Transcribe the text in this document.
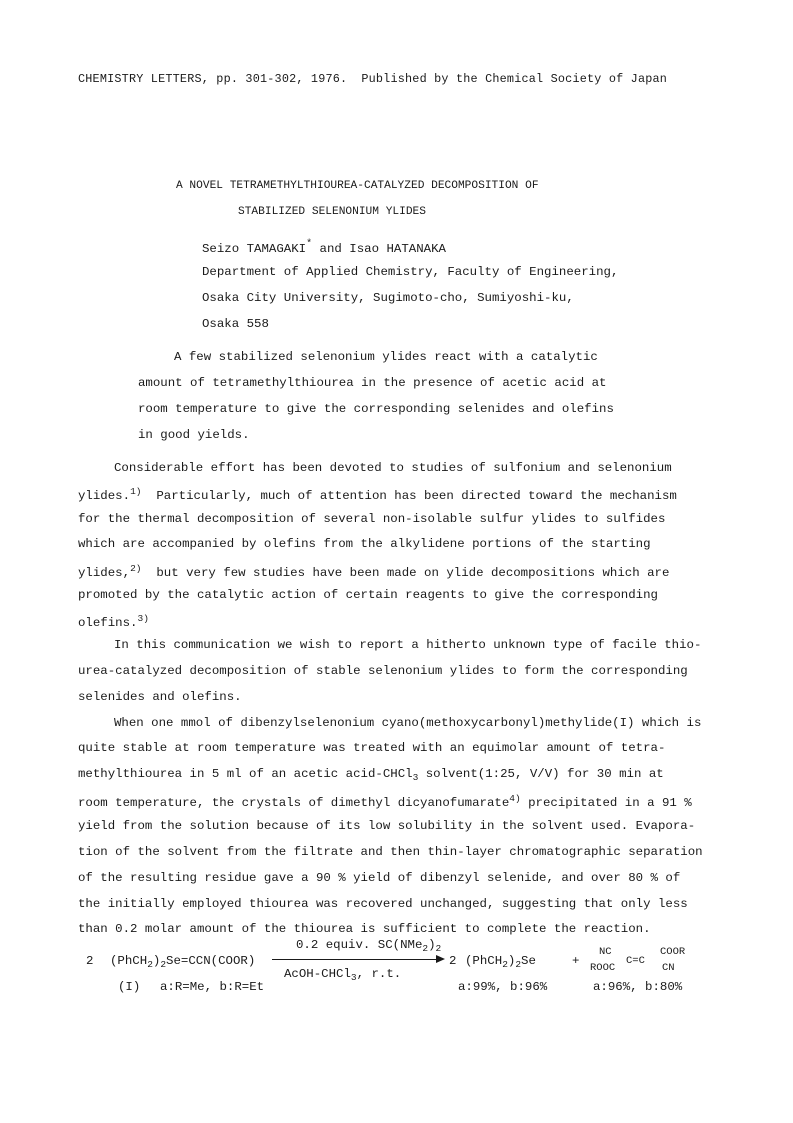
CHEMISTRY LETTERS, pp. 301-302, 1976. Published by the Chemical Society of Japan
A NOVEL TETRAMETHYLTHIOUREA-CATALYZED DECOMPOSITION OF
STABILIZED SELENONIUM YLIDES
Seizo TAMAGAKI* and Isao HATANAKA
Department of Applied Chemistry, Faculty of Engineering,
Osaka City University, Sugimoto-cho, Sumiyoshi-ku,
Osaka 558
A few stabilized selenonium ylides react with a catalytic
amount of tetramethylthiourea in the presence of acetic acid at
room temperature to give the corresponding selenides and olefins
in good yields.
Considerable effort has been devoted to studies of sulfonium and selenonium
ylides.$^{1)}$  Particularly, much of attention has been directed toward the mechanism
for the thermal decomposition of several non-isolable sulfur ylides to sulfides
which are accompanied by olefins from the alkylidene portions of the starting
ylides,$^{2)}$  but very few studies have been made on ylide decompositions which are
promoted by the catalytic action of certain reagents to give the corresponding
olefins.$^{3)}$
In this communication we wish to report a hitherto unknown type of facile thio-
urea-catalyzed decomposition of stable selenonium ylides to form the corresponding
selenides and olefins.
When one mmol of dibenzylselenonium cyano(methoxycarbonyl)methylide(I) which is
quite stable at room temperature was treated with an equimolar amount of tetra-
methylthiourea in 5 ml of an acetic acid-CHCl$_3$ solvent(1:25, V/V) for 30 min at
room temperature, the crystals of dimethyl dicyanofumarate$^{4)}$ precipitated in a 91 %
yield from the solution because of its low solubility in the solvent used. Evapora-
tion of the solvent from the filtrate and then thin-layer chromatographic separation
of the resulting residue gave a 90 % yield of dibenzyl selenide, and over 80 % of
the initially employed thiourea was recovered unchanged, suggesting that only less
than 0.2 molar amount of the thiourea is sufficient to complete the reaction.
2 $(PhCH_2)_2Se=CCN(COOR)$
0.2 equiv. $SC(NMe_2)_2$
AcOH-CHCl$_3$, r.t.
2 $(PhCH_2)_2Se$	+
NC	COOR
C=C
ROOC	CN
(I) a:R=Me, b:R=Et	a:99%, b:96%	a:96%, b:80%
